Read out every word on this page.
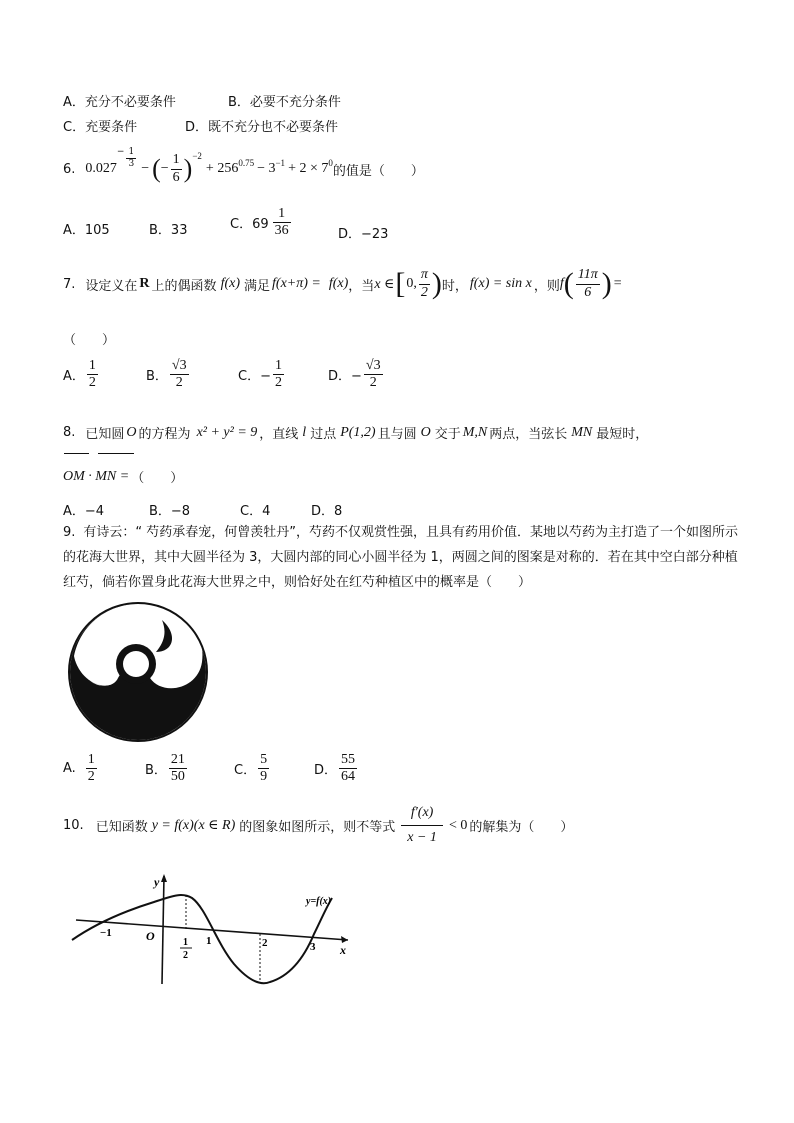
A．充分不必要条件	B．必要不充分条件
C．充要条件	D．既不充分也不必要条件
6. 0.027
− $\frac{1}{3}$ − ( − $\frac{1}{6}$ ) −2
+ 256 0.75 − 3 −1 + 2 × 7 0
的值是（　　）
A．105	B．33	C．$69 \frac{1}{36}$	D．−23
7. 设定义在 R 上的偶函数 f(x) 满足 f(x+π) = f(x) ，当 x ∈ [ 0, $\frac{\pi}{2}$ ) 时， f(x) = sin x ，则 f ( $\frac{11\pi}{6}$ ) =
（　　）
A． $\frac{1}{2}$	B． $\frac{√3}{2}$	C．− $\frac{1}{2}$	D．− $\frac{√3}{2}$
8. 已知圆 O 的方程为 x² + y² = 9 ，直线 l 过点 P(1,2) 且与圆 O 交于 M,N 两点，当弦长 MN 最短时，
OM · MN = （　　）
A．−4	B．−8	C．4	D．8
9. 有诗云：“ 芍药承春宠，何曾羡牡丹”，芍药不仅观赏性强，且具有药用价值．某地以芍药为主打造了一个如图所示的花海大世界，其中大圆半径为 3，大圆内部的同心小圆半径为 1，两圆之间的图案是对称的．若在其中空白部分种植红芍，倘若你置身此花海大世界之中，则恰好处在红芍种植区中的概率是（　　）
A. $\frac{1}{2}$	B． $\frac{21}{50}$	C． $\frac{5}{9}$	D． $\frac{55}{64}$
10. 已知函数 y = f(x)(x ∈ R) 的图象如图所示，则不等式 $\frac{f'(x)}{x - 1} < 0$ 的解集为（　　）
y
x
O
−1
1
2
1	2	3
y=f(x)
